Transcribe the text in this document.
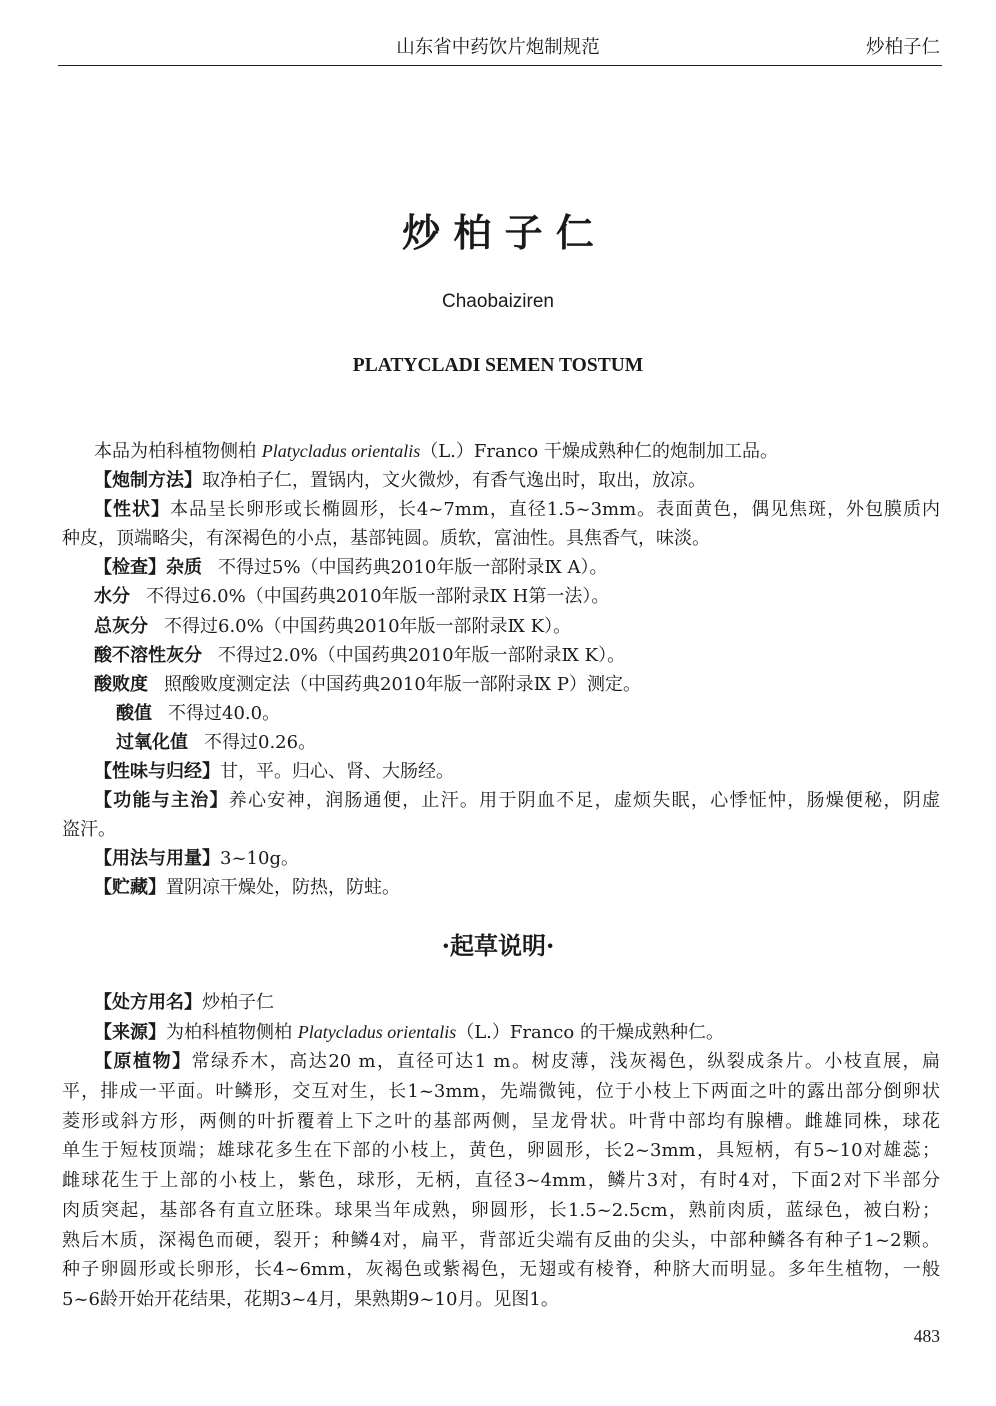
山东省中药饮片炮制规范	炒柏子仁
炒 柏 子 仁
Chaobaiziren
PLATYCLADI SEMEN TOSTUM
本品为柏科植物侧柏 Platycladus orientalis（L.）Franco 干燥成熟种仁的炮制加工品。
【炮制方法】取净柏子仁，置锅内，文火微炒，有香气逸出时，取出，放凉。
【性状】本品呈长卵形或长椭圆形，长4~7mm，直径1.5~3mm。表面黄色，偶见焦斑，外包膜质内
种皮，顶端略尖，有深褐色的小点，基部钝圆。质软，富油性。具焦香气，味淡。
【检查】杂质 不得过5%（中国药典2010年版一部附录Ⅸ A）。
水分 不得过6.0%（中国药典2010年版一部附录Ⅸ H第一法）。
总灰分 不得过6.0%（中国药典2010年版一部附录Ⅸ K）。
酸不溶性灰分 不得过2.0%（中国药典2010年版一部附录Ⅸ K）。
酸败度 照酸败度测定法（中国药典2010年版一部附录Ⅸ P）测定。
酸值 不得过40.0。
过氧化值 不得过0.26。
【性味与归经】甘，平。归心、肾、大肠经。
【功能与主治】养心安神，润肠通便，止汗。用于阴血不足，虚烦失眠，心悸怔忡，肠燥便秘，阴虚
盗汗。
【用法与用量】3~10g。
【贮藏】置阴凉干燥处，防热，防蛀。
·起草说明·
【处方用名】炒柏子仁
【来源】为柏科植物侧柏 Platycladus orientalis（L.）Franco 的干燥成熟种仁。
【原植物】常绿乔木，高达20 m，直径可达1 m。树皮薄，浅灰褐色，纵裂成条片。小枝直展，扁
平，排成一平面。叶鳞形，交互对生，长1~3mm，先端微钝，位于小枝上下两面之叶的露出部分倒卵状
菱形或斜方形，两侧的叶折覆着上下之叶的基部两侧，呈龙骨状。叶背中部均有腺槽。雌雄同株，球花
单生于短枝顶端；雄球花多生在下部的小枝上，黄色，卵圆形，长2~3mm，具短柄，有5~10对雄蕊；
雌球花生于上部的小枝上，紫色，球形，无柄，直径3~4mm，鳞片3对，有时4对，下面2对下半部分
肉质突起，基部各有直立胚珠。球果当年成熟，卵圆形，长1.5~2.5cm，熟前肉质，蓝绿色，被白粉；
熟后木质，深褐色而硬，裂开；种鳞4对，扁平，背部近尖端有反曲的尖头，中部种鳞各有种子1~2颗。
种子卵圆形或长卵形，长4~6mm，灰褐色或紫褐色，无翅或有棱脊，种脐大而明显。多年生植物，一般
5~6龄开始开花结果，花期3~4月，果熟期9~10月。见图1。
483
